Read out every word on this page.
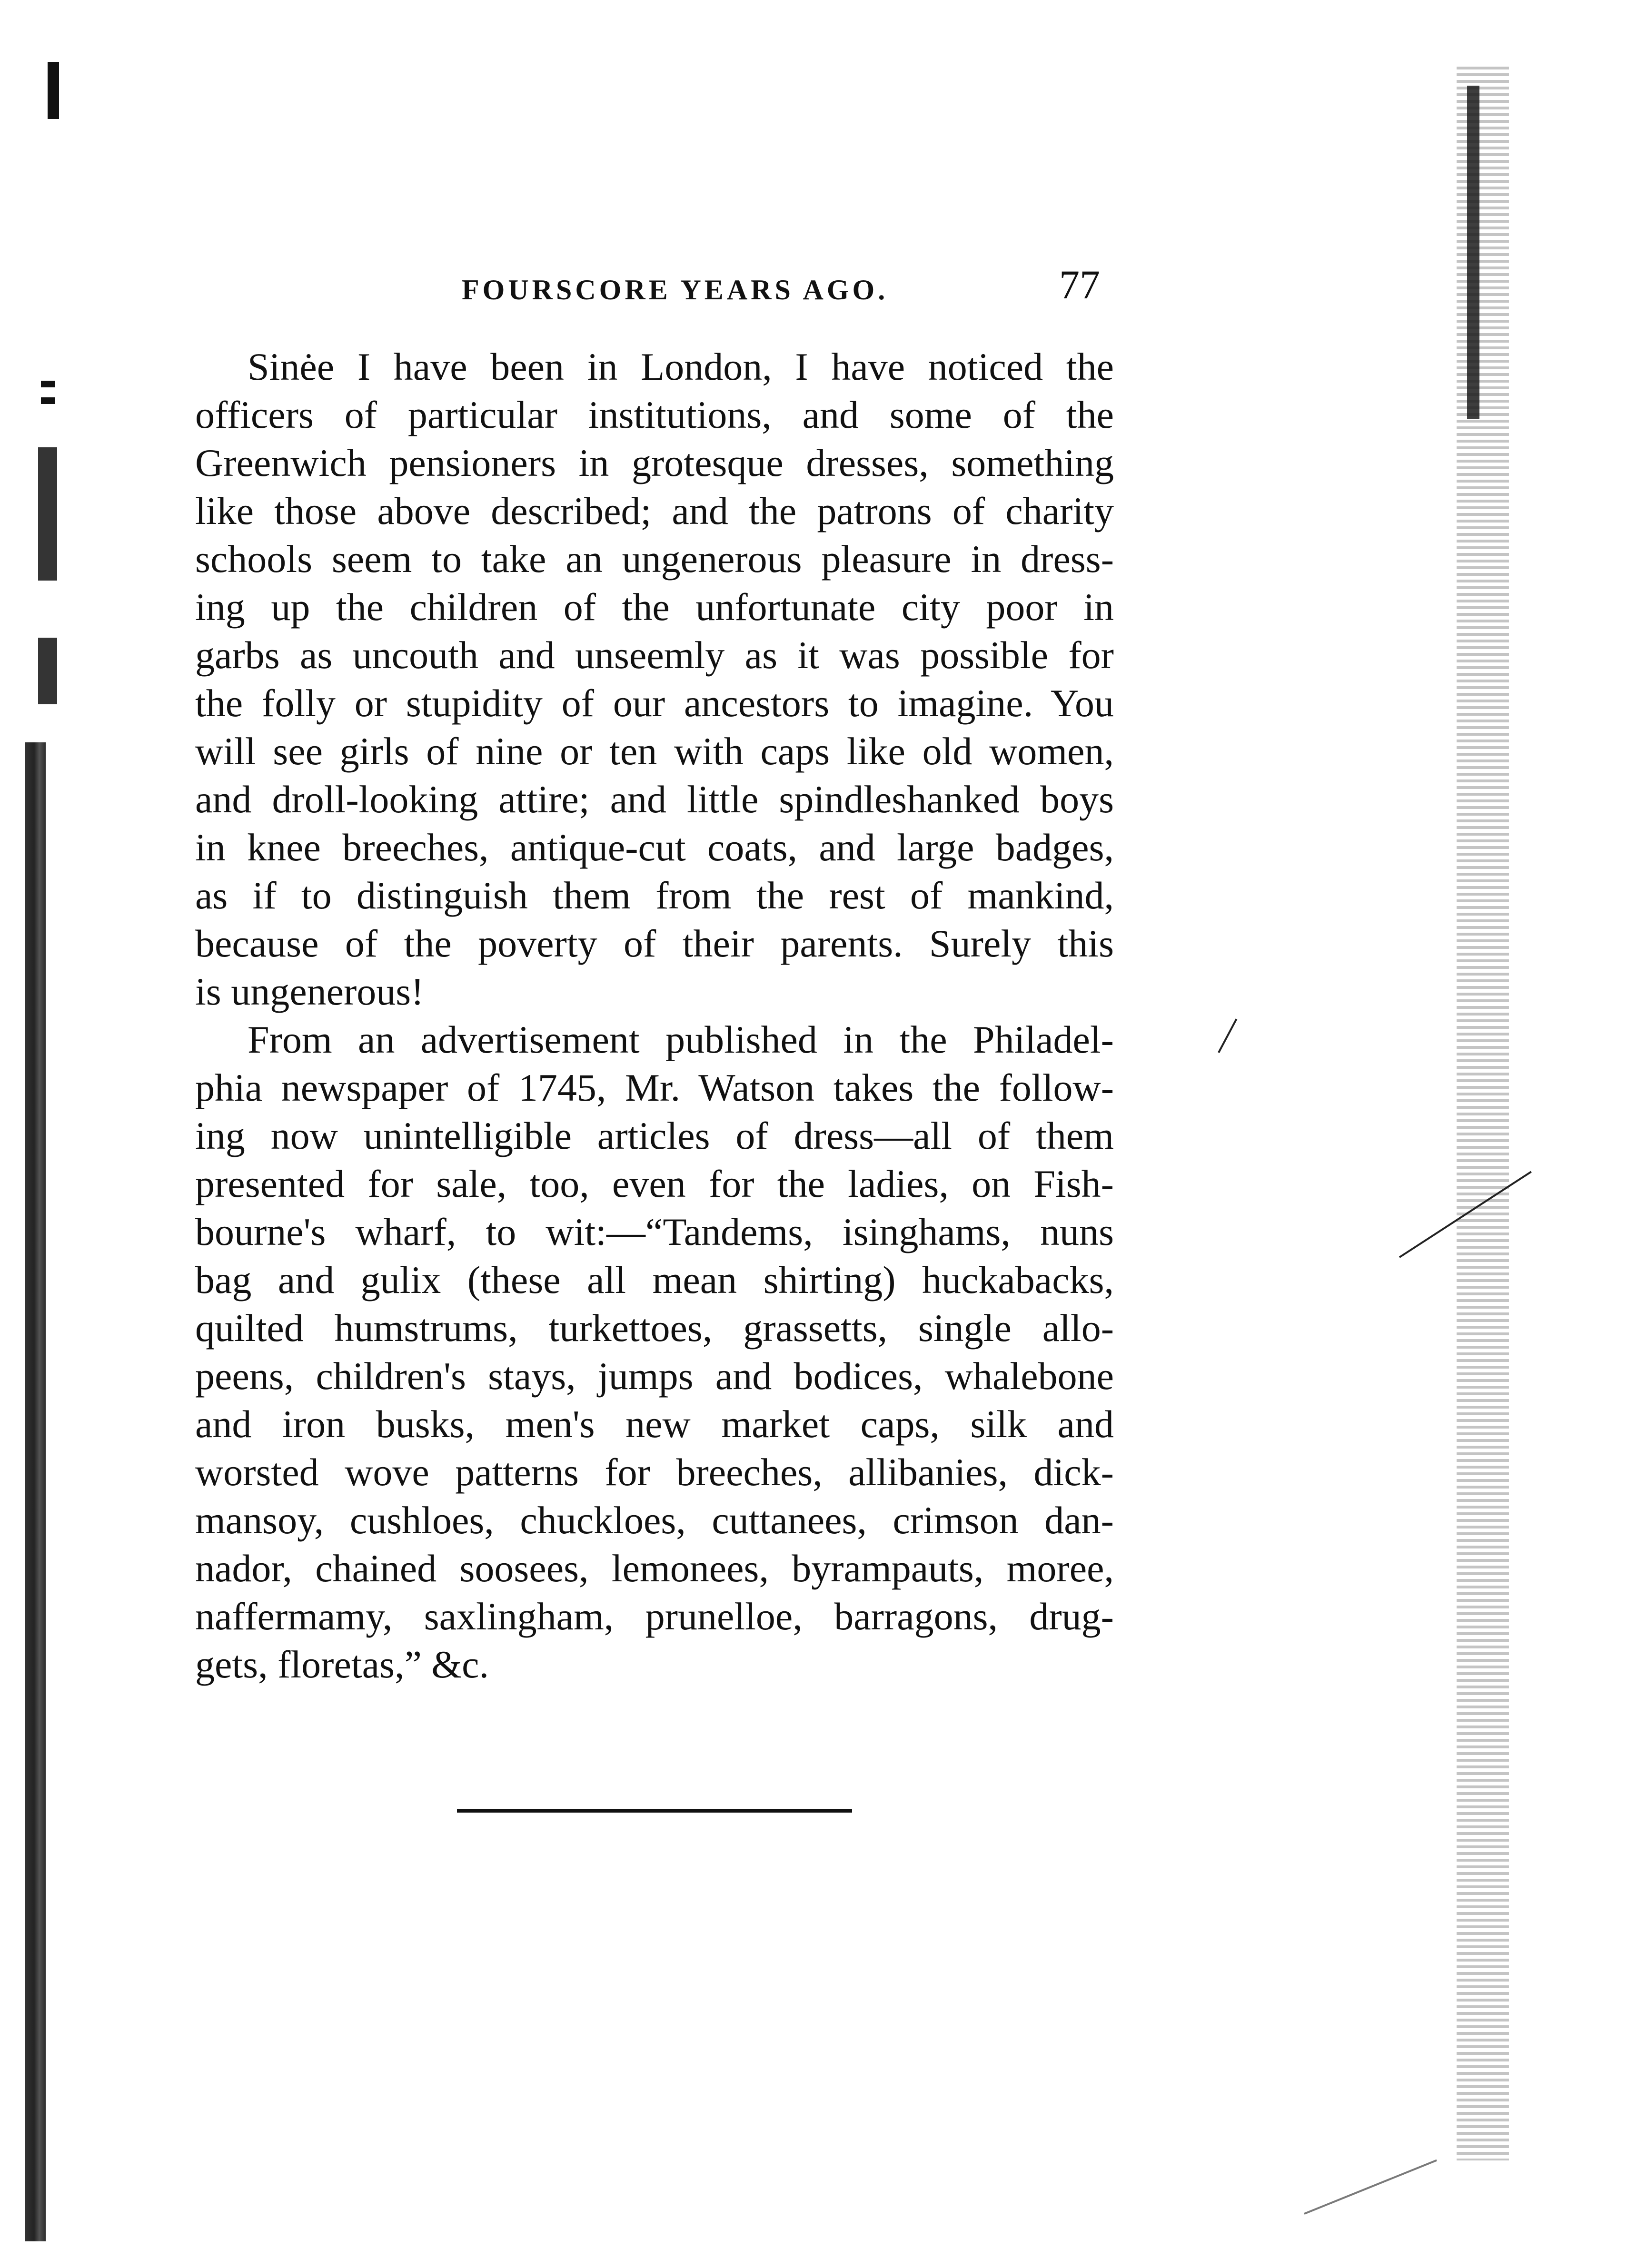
FOURSCORE YEARS AGO.	77
Sinėe I have been in London, I have noticed the
officers of particular institutions, and some of the
Greenwich pensioners in grotesque dresses, something
like those above described; and the patrons of charity
schools seem to take an ungenerous pleasure in dress-
ing up the children of the unfortunate city poor in
garbs as uncouth and unseemly as it was possible for
the folly or stupidity of our ancestors to imagine. You
will see girls of nine or ten with caps like old women,
and droll-looking attire; and little spindleshanked boys
in knee breeches, antique-cut coats, and large badges,
as if to distinguish them from the rest of mankind,
because of the poverty of their parents. Surely this
is ungenerous!
From an advertisement published in the Philadel-
phia newspaper of 1745, Mr. Watson takes the follow-
ing now unintelligible articles of dress—all of them
presented for sale, too, even for the ladies, on Fish-
bourne's wharf, to wit:—“Tandems, isinghams, nuns
bag and gulix (these all mean shirting) huckabacks,
quilted humstrums, turkettoes, grassetts, single allo-
peens, children's stays, jumps and bodices, whalebone
and iron busks, men's new market caps, silk and
worsted wove patterns for breeches, allibanies, dick-
mansoy, cushloes, chuckloes, cuttanees, crimson dan-
nador, chained soosees, lemonees, byrampauts, moree,
naffermamy, saxlingham, prunelloe, barragons, drug-
gets, floretas,” &c.
